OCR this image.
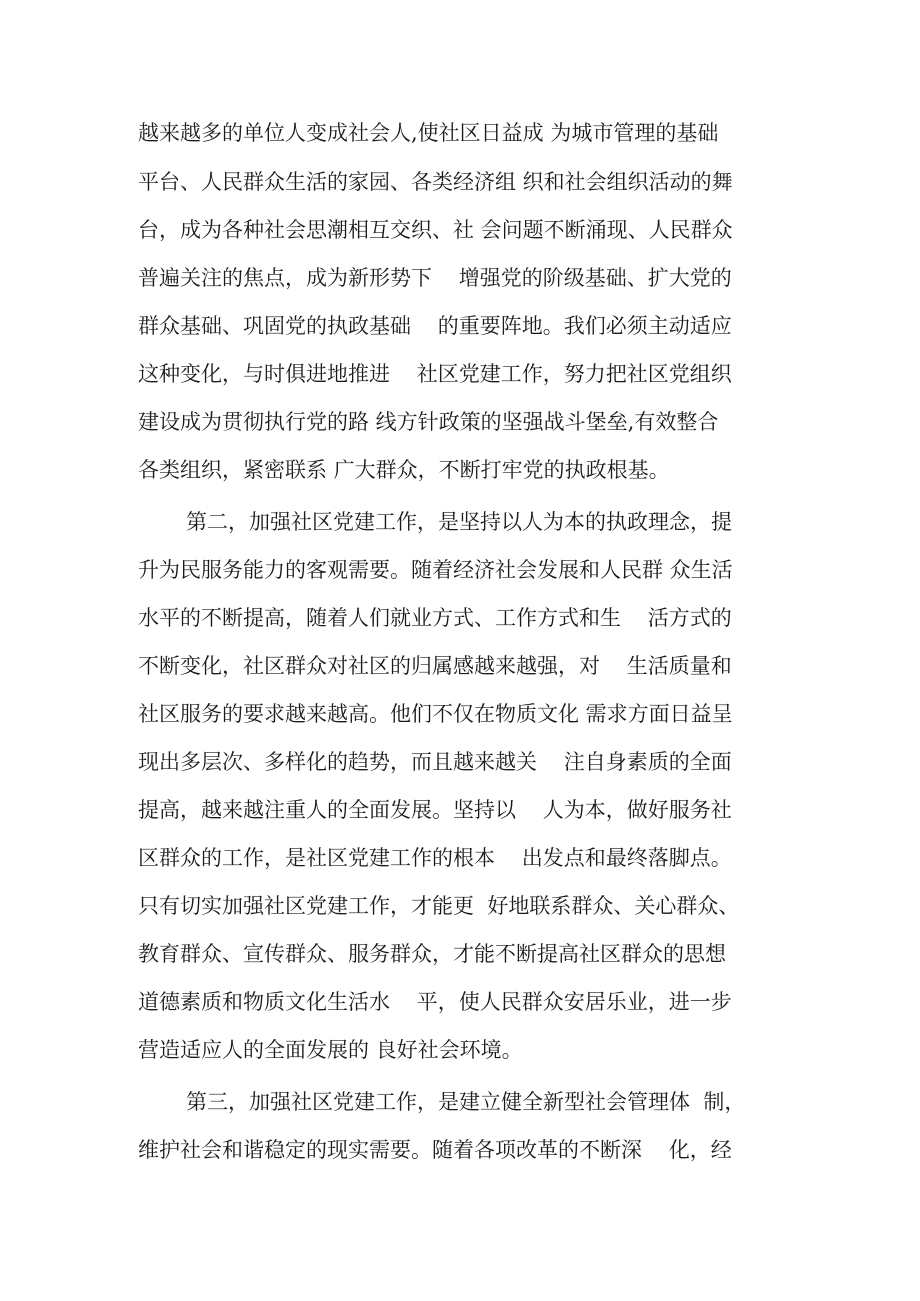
越来越多的单位人变成社会人,使社区日益成 为城市管理的基础
平台、人民群众生活的家园、各类经济组 织和社会组织活动的舞
台，成为各种社会思潮相互交织、社 会问题不断涌现、人民群众
普遍关注的焦点，成为新形势下    增强党的阶级基础、扩大党的
群众基础、巩固党的执政基础    的重要阵地。我们必须主动适应
这种变化，与时俱进地推进    社区党建工作，努力把社区党组织
建设成为贯彻执行党的路 线方针政策的坚强战斗堡垒,有效整合
各类组织，紧密联系 广大群众，不断打牢党的执政根基。
第二，加强社区党建工作，是坚持以人为本的执政理念，提
升为民服务能力的客观需要。随着经济社会发展和人民群 众生活
水平的不断提高，随着人们就业方式、工作方式和生    活方式的
不断变化，社区群众对社区的归属感越来越强，对    生活质量和
社区服务的要求越来越高。他们不仅在物质文化 需求方面日益呈
现出多层次、多样化的趋势，而且越来越关    注自身素质的全面
提高，越来越注重人的全面发展。坚持以    人为本，做好服务社
区群众的工作，是社区党建工作的根本    出发点和最终落脚点。
只有切实加强社区党建工作，才能更  好地联系群众、关心群众、
教育群众、宣传群众、服务群众，才能不断提高社区群众的思想
道德素质和物质文化生活水    平，使人民群众安居乐业，进一步
营造适应人的全面发展的 良好社会环境。
第三，加强社区党建工作，是建立健全新型社会管理体  制，
维护社会和谐稳定的现实需要。随着各项改革的不断深    化，经
